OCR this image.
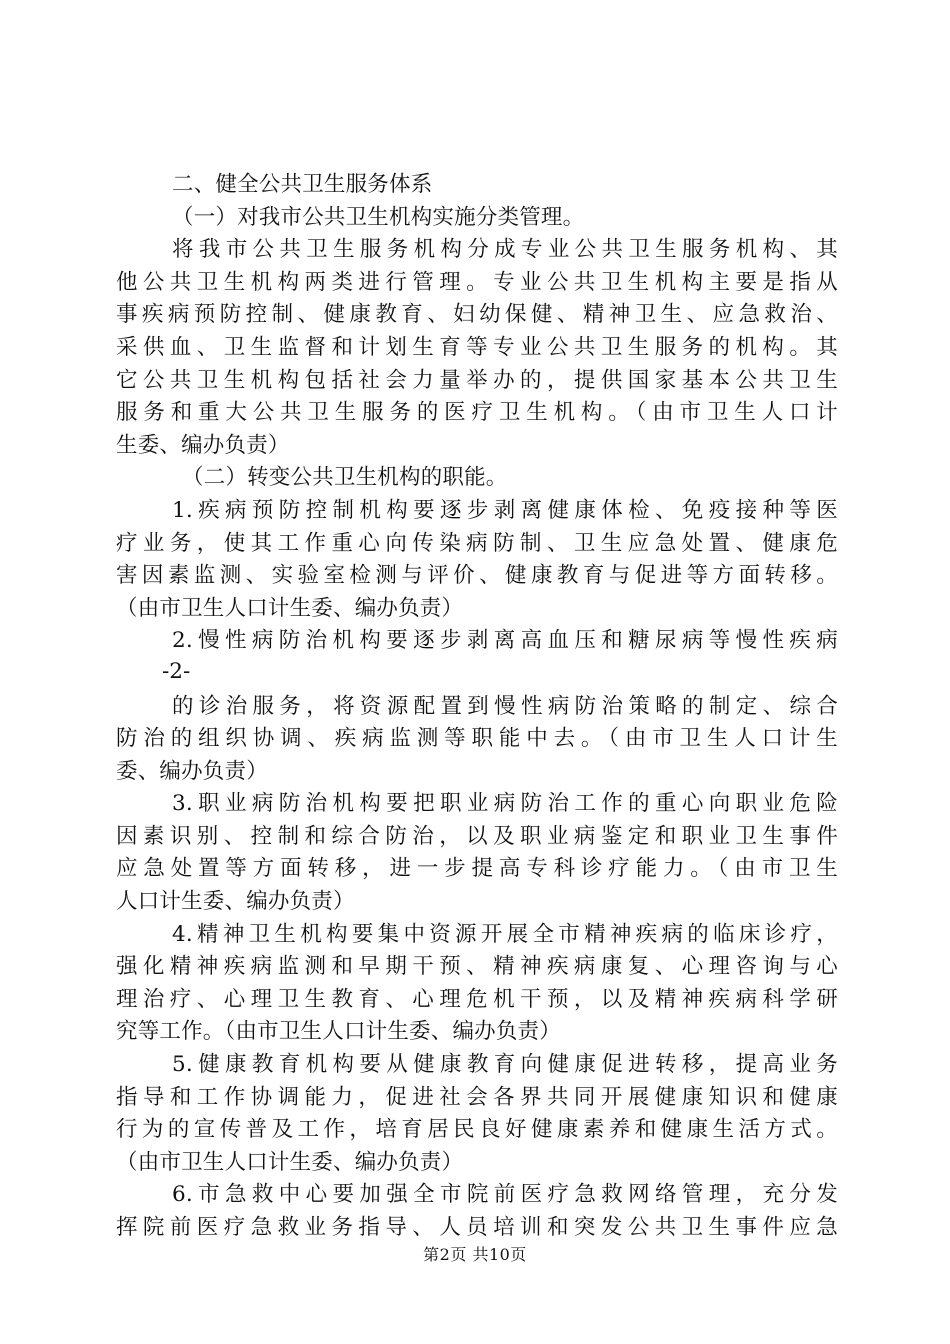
二、健全公共卫生服务体系
（一）对我市公共卫生机构实施分类管理。
将我市公共卫生服务机构分成专业公共卫生服务机构、其
他公共卫生机构两类进行管理。专业公共卫生机构主要是指从
事疾病预防控制、健康教育、妇幼保健、精神卫生、应急救治、
采供血、卫生监督和计划生育等专业公共卫生服务的机构。其
它公共卫生机构包括社会力量举办的，提供国家基本公共卫生
服务和重大公共卫生服务的医疗卫生机构。（由市卫生人口计
生委、编办负责）
（二）转变公共卫生机构的职能。
1.疾病预防控制机构要逐步剥离健康体检、免疫接种等医
疗业务，使其工作重心向传染病防制、卫生应急处置、健康危
害因素监测、实验室检测与评价、健康教育与促进等方面转移。
（由市卫生人口计生委、编办负责）
2.慢性病防治机构要逐步剥离高血压和糖尿病等慢性疾病
-2-
的诊治服务，将资源配置到慢性病防治策略的制定、综合
防治的组织协调、疾病监测等职能中去。（由市卫生人口计生
委、编办负责）
3.职业病防治机构要把职业病防治工作的重心向职业危险
因素识别、控制和综合防治，以及职业病鉴定和职业卫生事件
应急处置等方面转移，进一步提高专科诊疗能力。（由市卫生
人口计生委、编办负责）
4.精神卫生机构要集中资源开展全市精神疾病的临床诊疗，
强化精神疾病监测和早期干预、精神疾病康复、心理咨询与心
理治疗、心理卫生教育、心理危机干预，以及精神疾病科学研
究等工作。（由市卫生人口计生委、编办负责）
5.健康教育机构要从健康教育向健康促进转移，提高业务
指导和工作协调能力，促进社会各界共同开展健康知识和健康
行为的宣传普及工作，培育居民良好健康素养和健康生活方式。
（由市卫生人口计生委、编办负责）
6.市急救中心要加强全市院前医疗急救网络管理，充分发
挥院前医疗急救业务指导、人员培训和突发公共卫生事件应急
第2页 共10页
